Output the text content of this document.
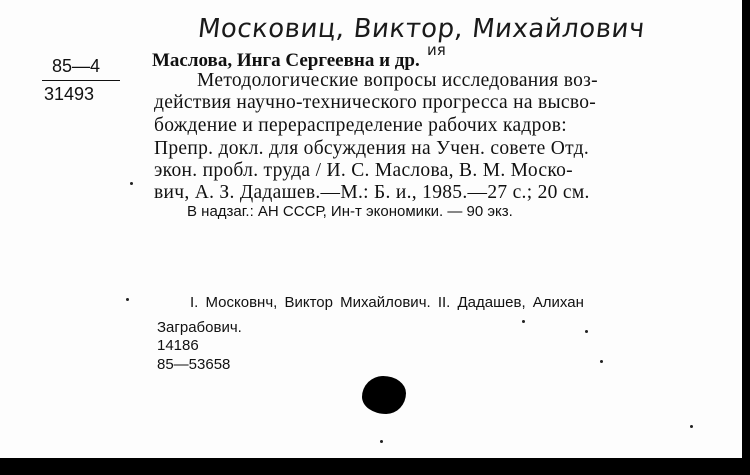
Московиц, Виктор, Михайлович
ия
85—4
31493
Маслова, Инга Сергеевна и др.
Методологические вопросы исследования воз-
действия научно-технического прогресса на высво-
бождение и перераспределение рабочих кадров:
Препр. докл. для обсуждения на Учен. совете Отд.
экон. пробл. труда / И. С. Маслова, В. М. Моско-
вич, А. З. Дадашев.—М.: Б. и., 1985.—27 с.; 20 см.
В надзаг.: АН СССР, Ин-т экономики. — 90 экз.
I. Московнч, Виктор Михайлович. II. Дадашев, Алихан
Заграбович.
14186
85—53658
